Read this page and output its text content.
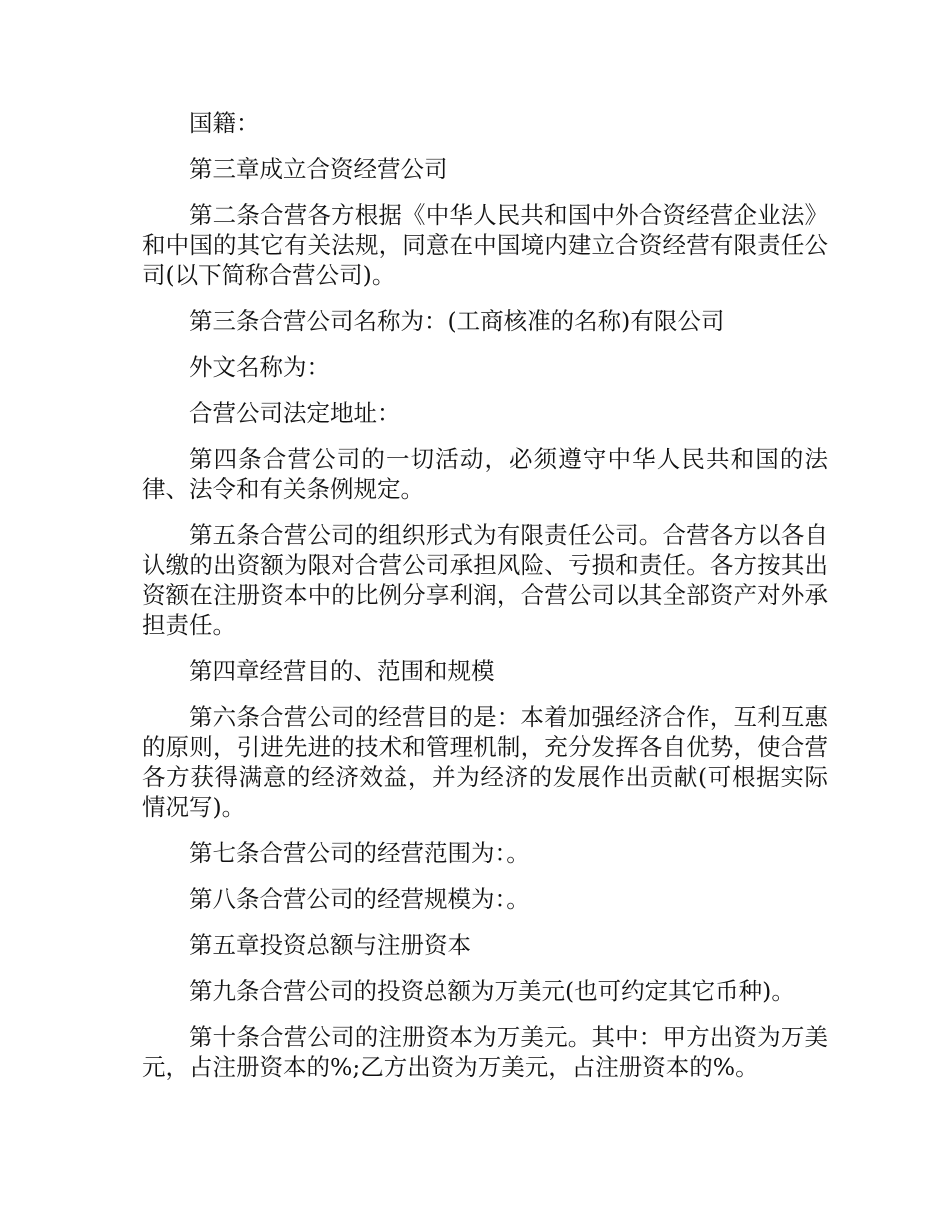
国籍：

第三章成立合资经营公司

第二条合营各方根据《中华人民共和国中外合资经营企业法》和中国的其它有关法规，同意在中国境内建立合资经营有限责任公司(以下简称合营公司)。

第三条合营公司名称为：(工商核准的名称)有限公司

外文名称为：

合营公司法定地址：

第四条合营公司的一切活动，必须遵守中华人民共和国的法律、法令和有关条例规定。

第五条合营公司的组织形式为有限责任公司。合营各方以各自认缴的出资额为限对合营公司承担风险、亏损和责任。各方按其出资额在注册资本中的比例分享利润，合营公司以其全部资产对外承担责任。

第四章经营目的、范围和规模

第六条合营公司的经营目的是：本着加强经济合作，互利互惠的原则，引进先进的技术和管理机制，充分发挥各自优势，使合营各方获得满意的经济效益，并为经济的发展作出贡献(可根据实际情况写)。

第七条合营公司的经营范围为：。

第八条合营公司的经营规模为：。

第五章投资总额与注册资本

第九条合营公司的投资总额为万美元(也可约定其它币种)。

第十条合营公司的注册资本为万美元。其中：甲方出资为万美元，占注册资本的%;乙方出资为万美元，占注册资本的%。
